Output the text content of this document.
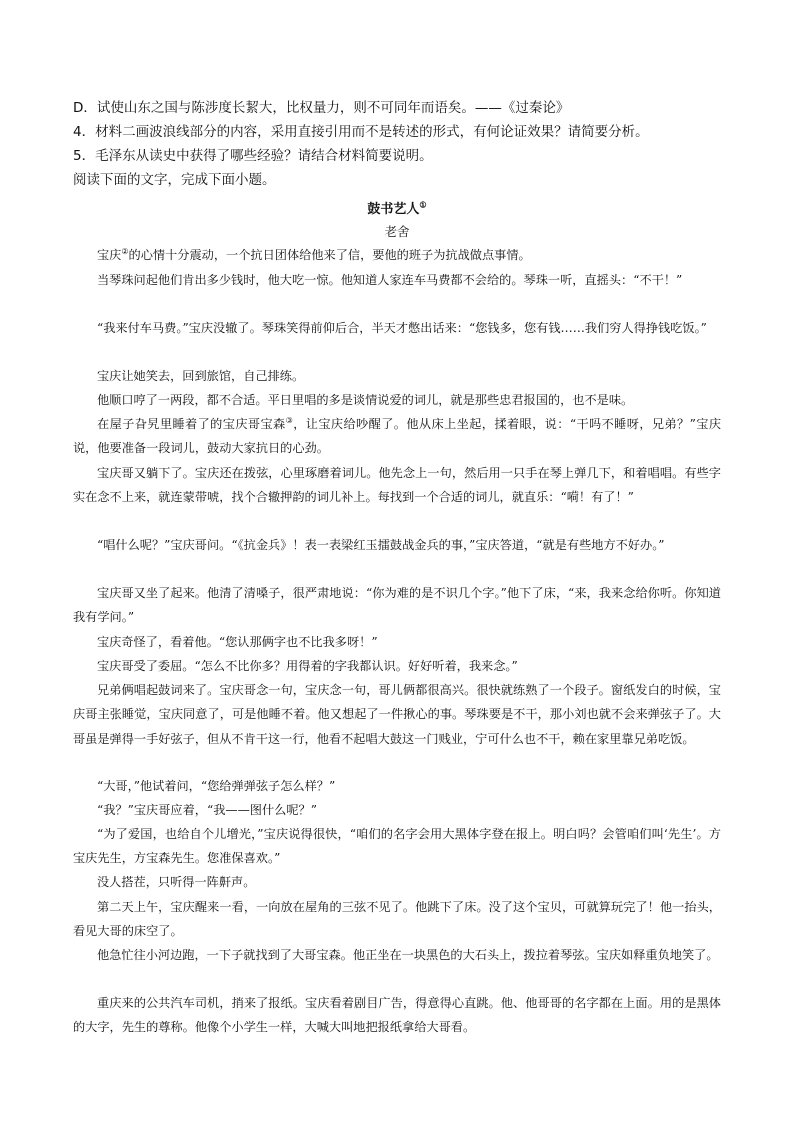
D．试使山东之国与陈涉度长絜大，比权量力，则不可同年而语矣。——《过秦论》
4．材料二画波浪线部分的内容，采用直接引用而不是转述的形式，有何论证效果？请简要分析。
5．毛泽东从读史中获得了哪些经验？请结合材料简要说明。
阅读下面的文字，完成下面小题。
鼓书艺人①
老舍
宝庆②的心情十分震动，一个抗日团体给他来了信，要他的班子为抗战做点事情。
当琴珠问起他们肯出多少钱时，他大吃一惊。他知道人家连车马费都不会给的。琴珠一听，直摇头：“不干！”
“我来付车马费。”宝庆没辙了。琴珠笑得前仰后合，半天才憋出话来：“您钱多，您有钱……我们穷人得挣钱吃饭。”
宝庆让她笑去，回到旅馆，自己排练。
他顺口哼了一两段，都不合适。平日里唱的多是谈情说爱的词儿，就是那些忠君报国的，也不是味。
在屋子旮旯里睡着了的宝庆哥宝森③，让宝庆给吵醒了。他从床上坐起，揉着眼，说：“干吗不睡呀，兄弟？”宝庆说，他要准备一段词儿，鼓动大家抗日的心劲。
宝庆哥又躺下了。宝庆还在拨弦，心里琢磨着词儿。他先念上一句，然后用一只手在琴上弹几下，和着唱唱。有些字实在念不上来，就连蒙带唬，找个合辙押韵的词儿补上。每找到一个合适的词儿，就直乐：“嗬！有了！”
“唱什么呢？”宝庆哥问。“《抗金兵》！表一表梁红玉擂鼓战金兵的事，”宝庆答道，“就是有些地方不好办。”
宝庆哥又坐了起来。他清了清嗓子，很严肃地说：“你为难的是不识几个字。”他下了床，“来，我来念给你听。你知道我有学问。”
宝庆奇怪了，看着他。“您认那俩字也不比我多呀！”
宝庆哥受了委屈。“怎么不比你多？用得着的字我都认识。好好听着，我来念。”
兄弟俩唱起鼓词来了。宝庆哥念一句，宝庆念一句，哥儿俩都很高兴。很快就练熟了一个段子。窗纸发白的时候，宝庆哥主张睡觉，宝庆同意了，可是他睡不着。他又想起了一件揪心的事。琴珠要是不干，那小刘也就不会来弹弦子了。大哥虽是弹得一手好弦子，但从不肯干这一行，他看不起唱大鼓这一门贱业，宁可什么也不干，赖在家里靠兄弟吃饭。
“大哥，”他试着问，“您给弹弹弦子怎么样？”
“我？”宝庆哥应着，“我——图什么呢？”
“为了爱国，也给自个儿增光，”宝庆说得很快，“咱们的名字会用大黑体字登在报上。明白吗？会管咱们叫‘先生’。方宝庆先生，方宝森先生。您准保喜欢。”
没人搭茬，只听得一阵鼾声。
第二天上午，宝庆醒来一看，一向放在屋角的三弦不见了。他跳下了床。没了这个宝贝，可就算玩完了！他一抬头，看见大哥的床空了。
他急忙往小河边跑，一下子就找到了大哥宝森。他正坐在一块黑色的大石头上，拨拉着琴弦。宝庆如释重负地笑了。
重庆来的公共汽车司机，捎来了报纸。宝庆看着剧目广告，得意得心直跳。他、他哥哥的名字都在上面。用的是黑体的大字，先生的尊称。他像个小学生一样，大喊大叫地把报纸拿给大哥看。
